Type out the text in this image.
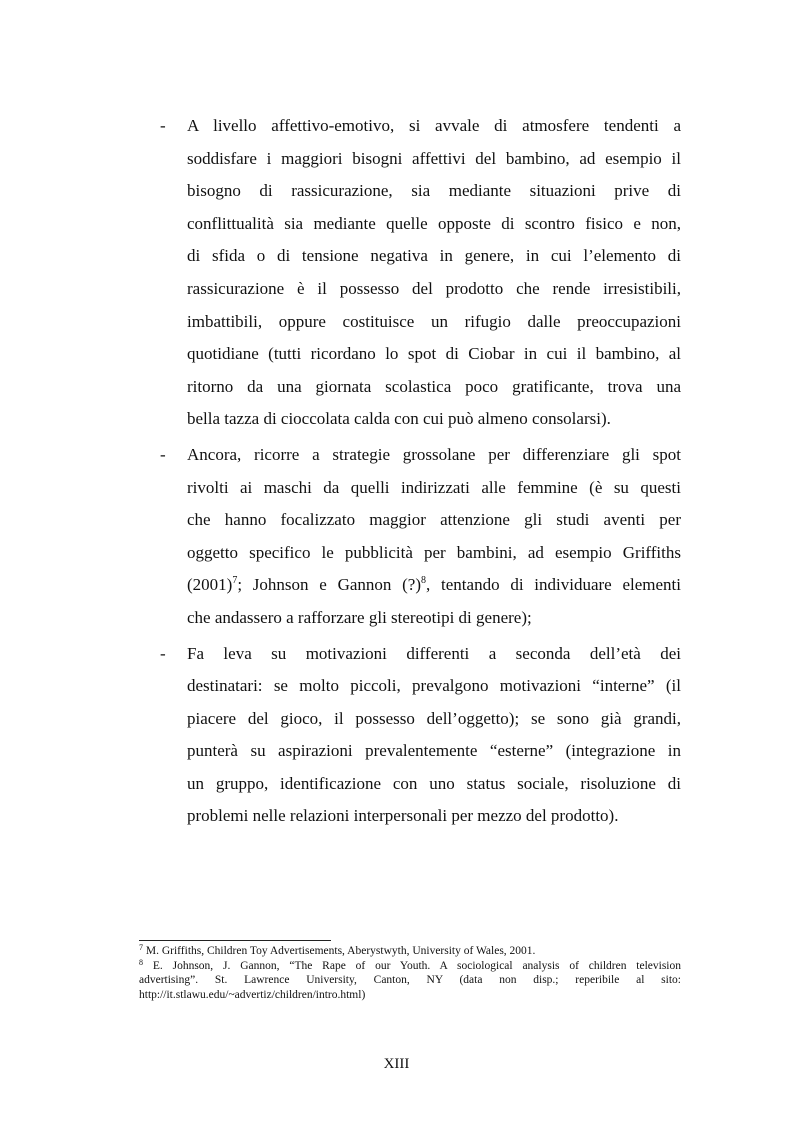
- A livello affettivo-emotivo, si avvale di atmosfere tendenti a
soddisfare i maggiori bisogni affettivi del bambino, ad esempio il
bisogno di rassicurazione, sia mediante situazioni prive di
conflittualità sia mediante quelle opposte di scontro fisico e non,
di sfida o di tensione negativa in genere, in cui l’elemento di
rassicurazione è il possesso del prodotto che rende irresistibili,
imbattibili, oppure costituisce un rifugio dalle preoccupazioni
quotidiane (tutti ricordano lo spot di Ciobar in cui il bambino, al
ritorno da una giornata scolastica poco gratificante, trova una
bella tazza di cioccolata calda con cui può almeno consolarsi).
- Ancora, ricorre a strategie grossolane per differenziare gli spot
rivolti ai maschi da quelli indirizzati alle femmine (è su questi
che hanno focalizzato maggior attenzione gli studi aventi per
oggetto specifico le pubblicità per bambini, ad esempio Griffiths
$(2001)^7$; Johnson e Gannon (?)$^8$, tentando di individuare elementi
che andassero a rafforzare gli stereotipi di genere);
- Fa leva su motivazioni differenti a seconda dell’età dei
destinatari: se molto piccoli, prevalgono motivazioni “interne” (il
piacere del gioco, il possesso dell’oggetto); se sono già grandi,
punterà su aspirazioni prevalentemente “esterne” (integrazione in
un gruppo, identificazione con uno status sociale, risoluzione di
problemi nelle relazioni interpersonali per mezzo del prodotto).
$^7$ M. Griffiths, Children Toy Advertisements, Aberystwyth, University of Wales, 2001.
$^8$ E. Johnson, J. Gannon, “The Rape of our Youth. A sociological analysis of children television
advertising”. St. Lawrence University, Canton, NY (data non disp.; reperibile al sito:
http://it.stlawu.edu/~advertiz/children/intro.html)
XIII
